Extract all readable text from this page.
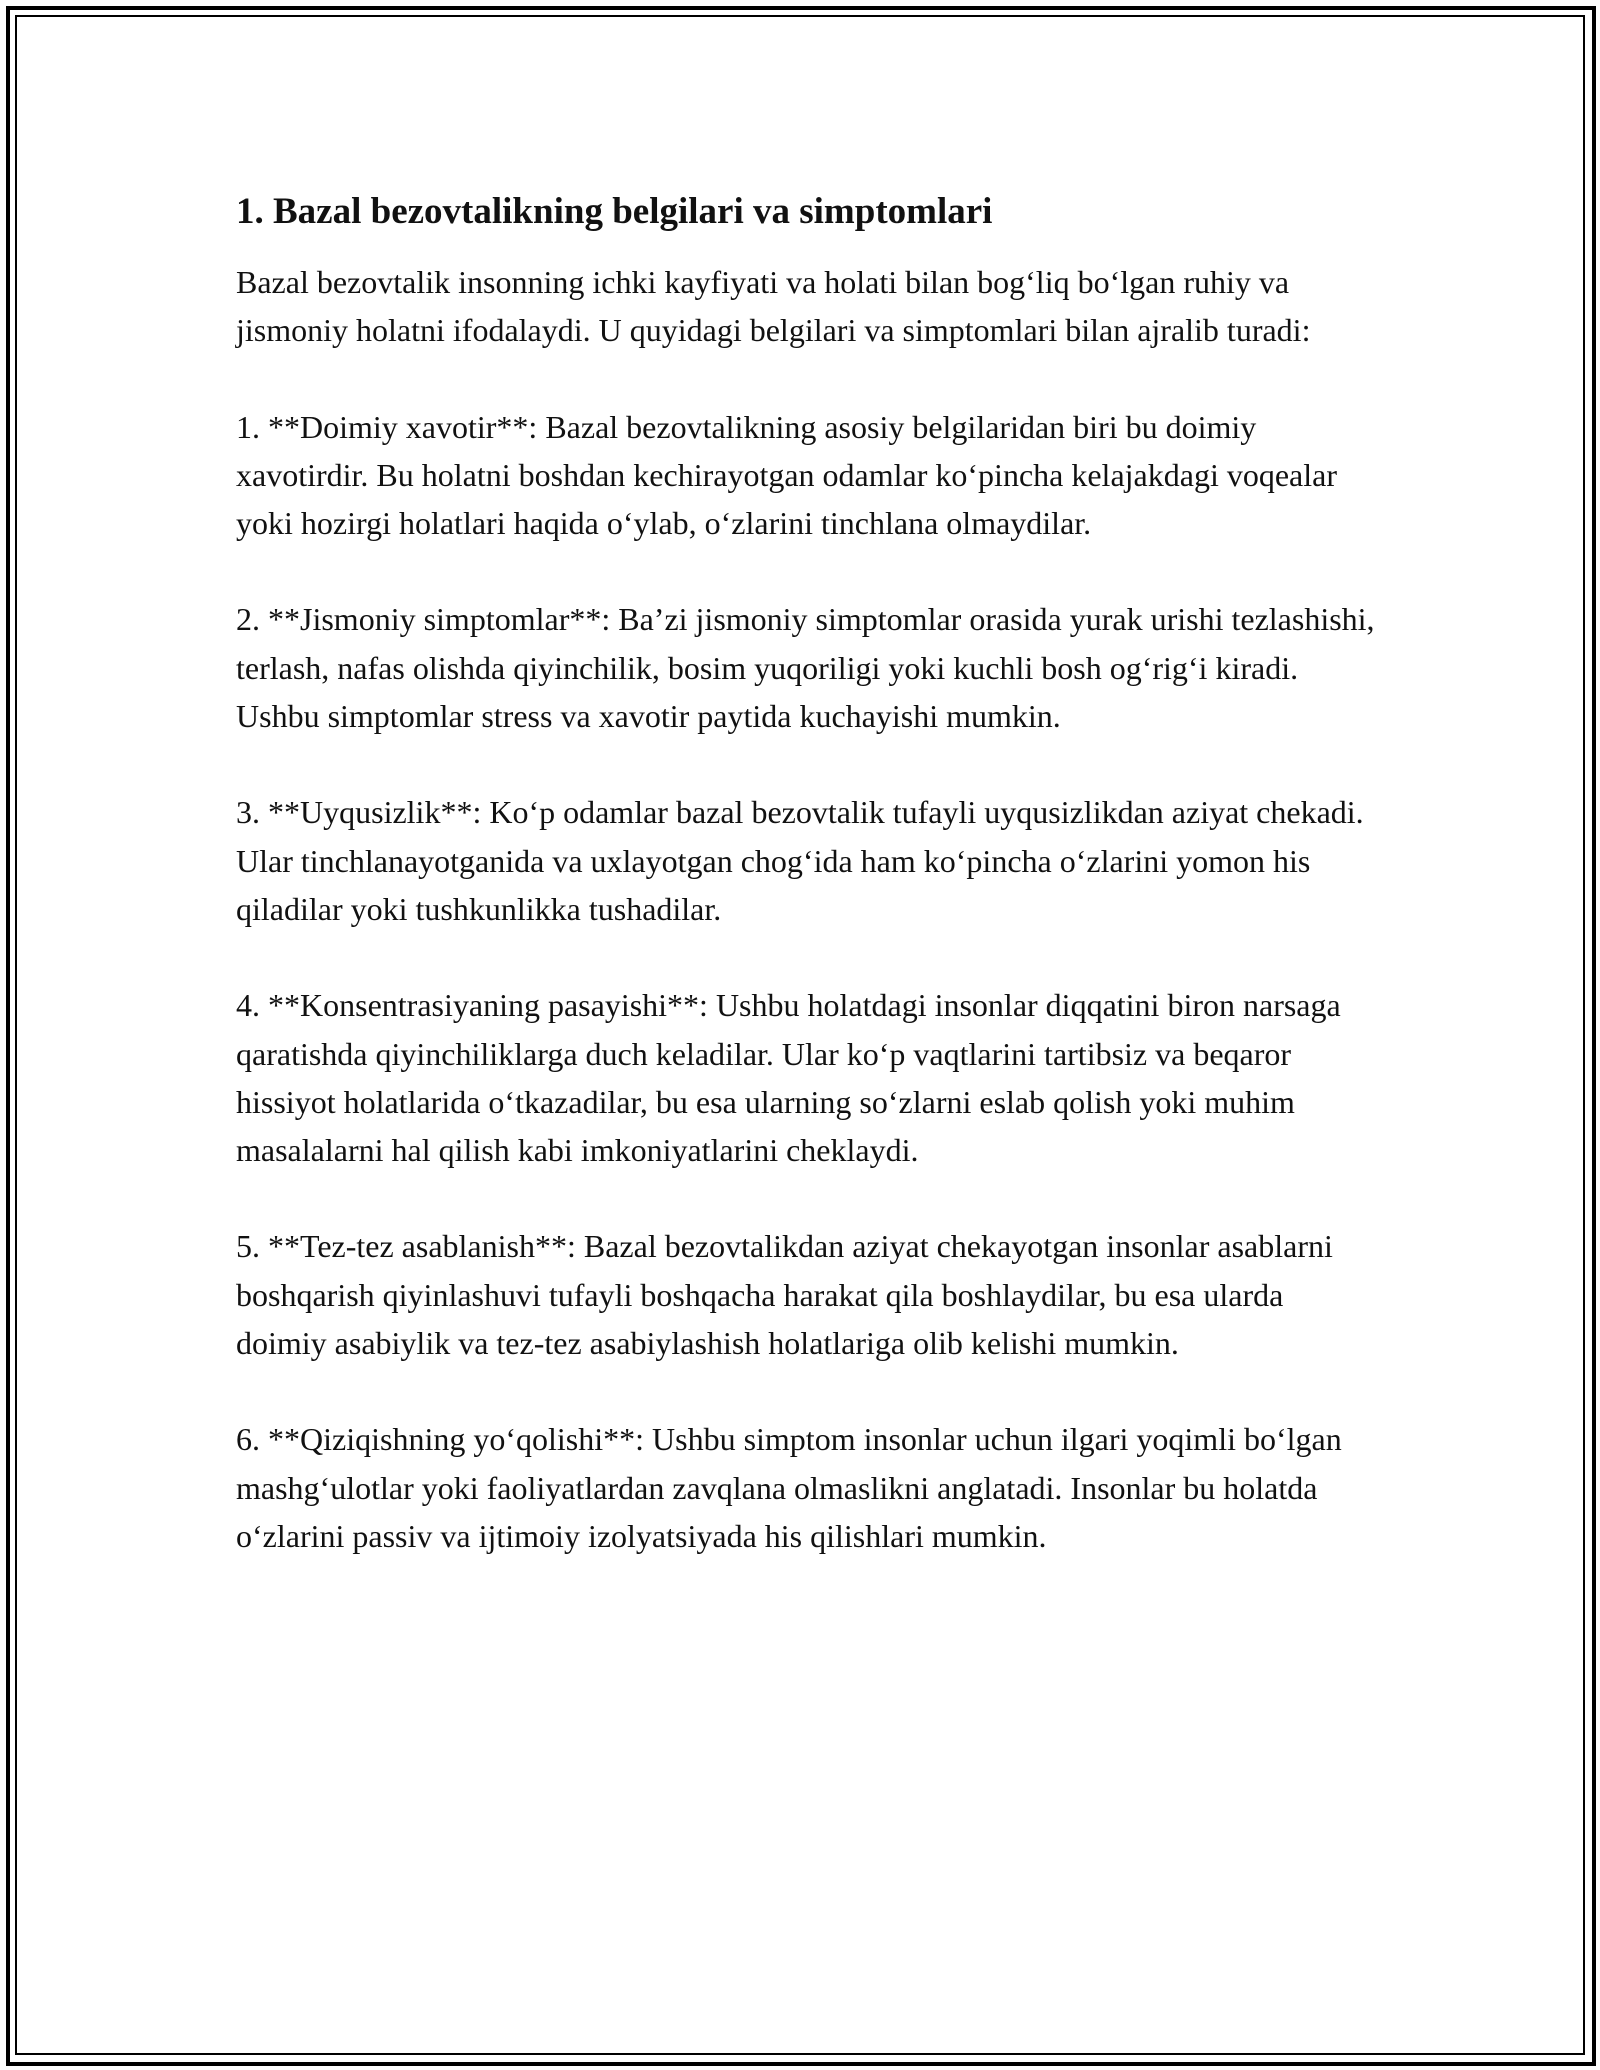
1. Bazal bezovtalikning belgilari va simptomlari

Bazal bezovtalik insonning ichki kayfiyati va holati bilan bog‘liq bo‘lgan ruhiy va jismoniy holatni ifodalaydi. U quyidagi belgilari va simptomlari bilan ajralib turadi:

1. **Doimiy xavotir**: Bazal bezovtalikning asosiy belgilaridan biri bu doimiy xavotirdir. Bu holatni boshdan kechirayotgan odamlar ko‘pincha kelajakdagi voqealar yoki hozirgi holatlari haqida o‘ylab, o‘zlarini tinchlana olmaydilar.

2. **Jismoniy simptomlar**: Ba’zi jismoniy simptomlar orasida yurak urishi tezlashishi, terlash, nafas olishda qiyinchilik, bosim yuqoriligi yoki kuchli bosh og‘rig‘i kiradi. Ushbu simptomlar stress va xavotir paytida kuchayishi mumkin.

3. **Uyqusizlik**: Ko‘p odamlar bazal bezovtalik tufayli uyqusizlikdan aziyat chekadi. Ular tinchlanayotganida va uxlayotgan chog‘ida ham ko‘pincha o‘zlarini yomon his qiladilar yoki tushkunlikka tushadilar.

4. **Konsentrasiyaning pasayishi**: Ushbu holatdagi insonlar diqqatini biron narsaga qaratishda qiyinchiliklarga duch keladilar. Ular ko‘p vaqtlarini tartibsiz va beqaror hissiyot holatlarida o‘tkazadilar, bu esa ularning so‘zlarni eslab qolish yoki muhim masalalarni hal qilish kabi imkoniyatlarini cheklaydi.

5. **Tez-tez asablanish**: Bazal bezovtalikdan aziyat chekayotgan insonlar asablarni boshqarish qiyinlashuvi tufayli boshqacha harakat qila boshlaydilar, bu esa ularda doimiy asabiylik va tez-tez asabiylashish holatlariga olib kelishi mumkin.

6. **Qiziqishning yo‘qolishi**: Ushbu simptom insonlar uchun ilgari yoqimli bo‘lgan mashg‘ulotlar yoki faoliyatlardan zavqlana olmaslikni anglatadi. Insonlar bu holatda o‘zlarini passiv va ijtimoiy izolyatsiyada his qilishlari mumkin.
